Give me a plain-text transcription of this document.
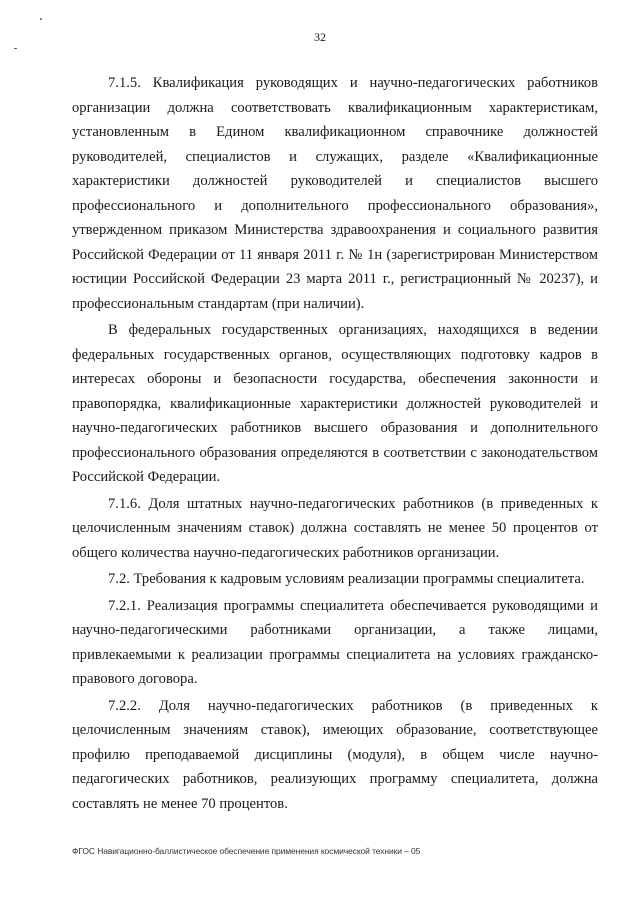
32

7.1.5. Квалификация руководящих и научно-педагогических работников организации должна соответствовать квалификационным характеристикам, установленным в Едином квалификационном справочнике должностей руководителей, специалистов и служащих, разделе «Квалификационные характеристики должностей руководителей и специалистов высшего профессионального и дополнительного профессионального образования», утвержденном приказом Министерства здравоохранения и социального развития Российской Федерации от 11 января 2011 г. № 1н (зарегистрирован Министерством юстиции Российской Федерации 23 марта 2011 г., регистрационный № 20237), и профессиональным стандартам (при наличии).

В федеральных государственных организациях, находящихся в ведении федеральных государственных органов, осуществляющих подготовку кадров в интересах обороны и безопасности государства, обеспечения законности и правопорядка, квалификационные характеристики должностей руководителей и научно-педагогических работников высшего образования и дополнительного профессионального образования определяются в соответствии с законодательством Российской Федерации.

7.1.6. Доля штатных научно-педагогических работников (в приведенных к целочисленным значениям ставок) должна составлять не менее 50 процентов от общего количества научно-педагогических работников организации.

7.2. Требования к кадровым условиям реализации программы специалитета.

7.2.1. Реализация программы специалитета обеспечивается руководящими и научно-педагогическими работниками организации, а также лицами, привлекаемыми к реализации программы специалитета на условиях гражданско-правового договора.

7.2.2. Доля научно-педагогических работников (в приведенных к целочисленным значениям ставок), имеющих образование, соответствующее профилю преподаваемой дисциплины (модуля), в общем числе научно-педагогических работников, реализующих программу специалитета, должна составлять не менее 70 процентов.

ФГОС Навигационно-баллистическое обеспечение применения космической техники – 05
